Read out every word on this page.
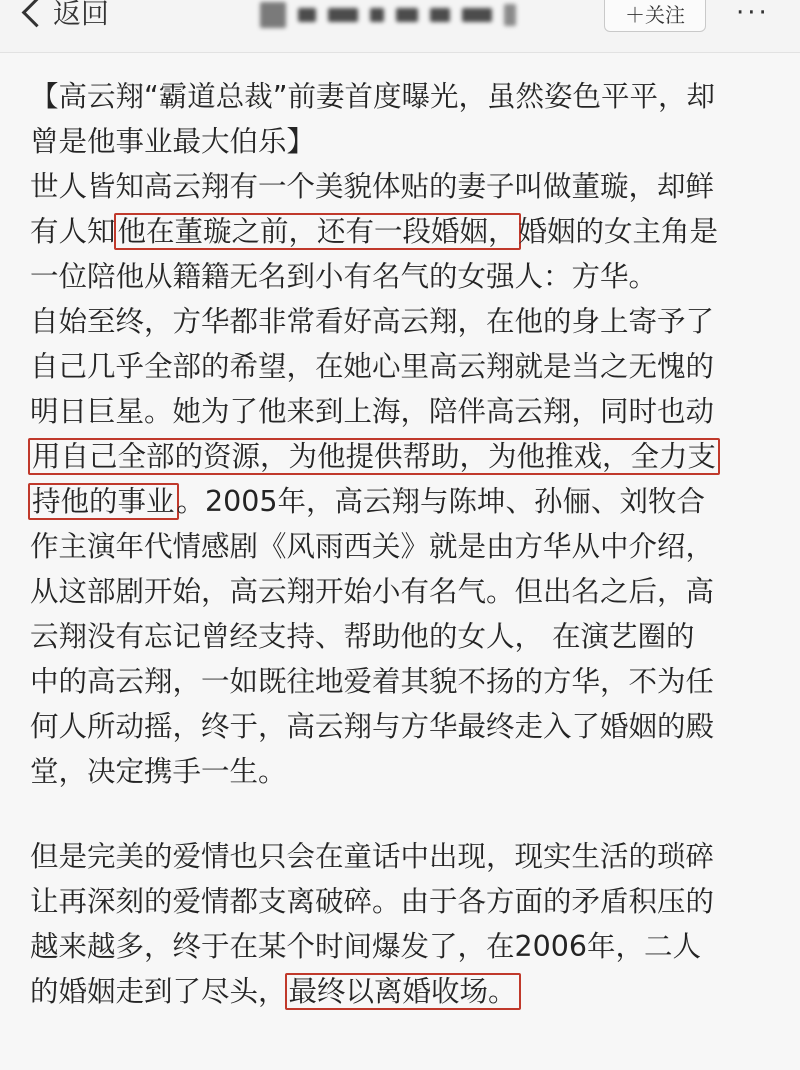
返回	＋关注	···
【高云翔“霸道总裁”前妻首度曝光，虽然姿色平平，却
曾是他事业最大伯乐】
世人皆知高云翔有一个美貌体贴的妻子叫做董璇，却鲜
有人知他在董璇之前，还有一段婚姻，婚姻的女主角是
一位陪他从籍籍无名到小有名气的女强人：方华。
自始至终，方华都非常看好高云翔，在他的身上寄予了
自己几乎全部的希望，在她心里高云翔就是当之无愧的
明日巨星。她为了他来到上海，陪伴高云翔，同时也动
用自己全部的资源，为他提供帮助，为他推戏，全力支
持他的事业。2005年，高云翔与陈坤、孙俪、刘牧合
作主演年代情感剧《风雨西关》就是由方华从中介绍，
从这部剧开始，高云翔开始小有名气。但出名之后，高
云翔没有忘记曾经支持、帮助他的女人， 在演艺圈的
中的高云翔，一如既往地爱着其貌不扬的方华，不为任
何人所动摇，终于，高云翔与方华最终走入了婚姻的殿
堂，决定携手一生。
但是完美的爱情也只会在童话中出现，现实生活的琐碎
让再深刻的爱情都支离破碎。由于各方面的矛盾积压的
越来越多，终于在某个时间爆发了，在2006年，二人
的婚姻走到了尽头，最终以离婚收场。
